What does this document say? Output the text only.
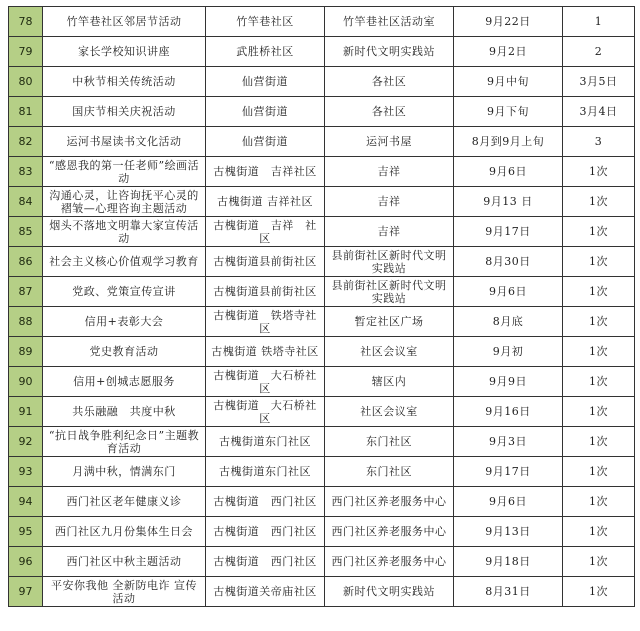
78	竹竿巷社区邻居节活动	竹竿巷社区	竹竿巷社区活动室	9月22日	1
79	家长学校知识讲座	武胜桥社区	新时代文明实践站	9月2日	2
80	中秋节相关传统活动	仙营街道	各社区	9月中旬	3月5日
81	国庆节相关庆祝活动	仙营街道	各社区	9月下旬	3月4日
82	运河书屋读书文化活动	仙营街道	运河书屋	8月到9月上旬	3
83	“感恩我的第一任老师”绘画活动	古槐街道　吉祥社区	吉祥	9月6日	1次
84	沟通心灵，让咨询抚平心灵的褶皱—心理咨询主题活动	古槐街道 吉祥社区	吉祥	9月13 日	1次
85	烟头不落地文明靠大家宣传活动	古槐街道　吉祥　社区	吉祥	9月17日	1次
86	社会主义核心价值观学习教育	古槐街道县前街社区	县前街社区新时代文明实践站	8月30日	1次
87	党政、党策宣传宣讲	古槐街道县前街社区	县前街社区新时代文明实践站	9月6日	1次
88	信用+表彰大会	古槐街道　铁塔寺社区	暂定社区广场	8月底	1次
89	党史教育活动	古槐街道 铁塔寺社区	社区会议室	9月初	1次
90	信用+创城志愿服务	古槐街道　大石桥社区	辖区内	9月9日	1次
91	共乐融融　共度中秋	古槐街道　大石桥社区	社区会议室	9月16日	1次
92	“抗日战争胜利纪念日”主题教育活动	古槐街道东门社区	东门社区	9月3日	1次
93	月满中秋，情满东门	古槐街道东门社区	东门社区	9月17日	1次
94	西门社区老年健康义诊	古槐街道　西门社区	西门社区养老服务中心	9月6日	1次
95	西门社区九月份集体生日会	古槐街道　西门社区	西门社区养老服务中心	9月13日	1次
96	西门社区中秋主题活动	古槐街道　西门社区	西门社区养老服务中心	9月18日	1次
97	平安你我他 全新防电诈 宣传活动	古槐街道关帝庙社区	新时代文明实践站	8月31日	1次
